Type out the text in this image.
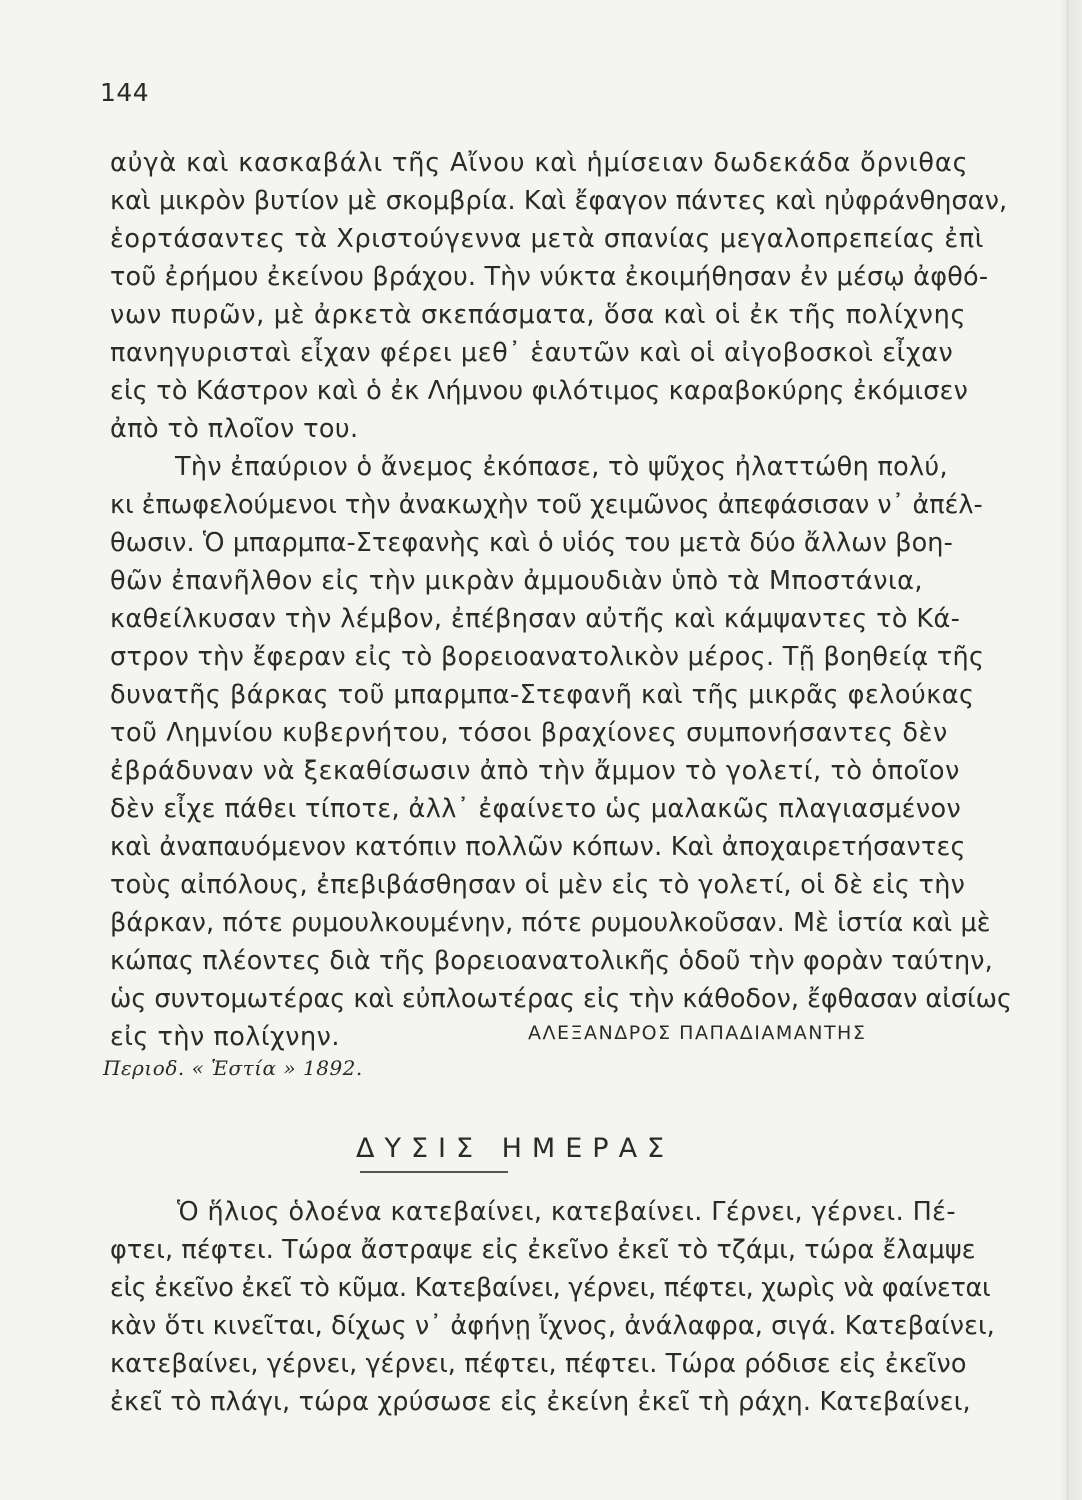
144
αὐγὰ καὶ κασκαβάλι τῆς Αἴνου καὶ ἡμίσειαν δωδεκάδα ὄρνιθας
καὶ μικρὸν βυτίον μὲ σκομβρία. Καὶ ἔφαγον πάντες καὶ ηὐφράνθησαν,
ἑορτάσαντες τὰ Χριστούγεννα μετὰ σπανίας μεγαλοπρεπείας ἐπὶ
τοῦ ἐρήμου ἐκείνου βράχου. Τὴν νύκτα ἐκοιμήθησαν ἐν μέσῳ ἀφθό-
νων πυρῶν, μὲ ἀρκετὰ σκεπάσματα, ὅσα καὶ οἱ ἐκ τῆς πολίχνης
πανηγυρισταὶ εἶχαν φέρει μεθ᾿ ἑαυτῶν καὶ οἱ αἰγοβοσκοὶ εἶχαν
εἰς τὸ Κάστρον καὶ ὁ ἐκ Λήμνου φιλότιμος καραβοκύρης ἐκόμισεν
ἀπὸ τὸ πλοῖον του.
Τὴν ἐπαύριον ὁ ἄνεμος ἐκόπασε, τὸ ψῦχος ἠλαττώθη πολύ,
κι ἐπωφελούμενοι τὴν ἀνακωχὴν τοῦ χειμῶνος ἀπεφάσισαν ν᾿ ἀπέλ-
θωσιν. Ὁ μπαρμπα-Στεφανὴς καὶ ὁ υἱός του μετὰ δύο ἄλλων βοη-
θῶν ἐπανῆλθον εἰς τὴν μικρὰν ἀμμουδιὰν ὑπὸ τὰ Μποστάνια,
καθείλκυσαν τὴν λέμβον, ἐπέβησαν αὐτῆς καὶ κάμψαντες τὸ Κά-
στρον τὴν ἔφεραν εἰς τὸ βορειοανατολικὸν μέρος. Τῇ βοηθείᾳ τῆς
δυνατῆς βάρκας τοῦ μπαρμπα-Στεφανῆ καὶ τῆς μικρᾶς φελούκας
τοῦ Λημνίου κυβερνήτου, τόσοι βραχίονες συμπονήσαντες δὲν
ἐβράδυναν νὰ ξεκαθίσωσιν ἀπὸ τὴν ἄμμον τὸ γολετί, τὸ ὁποῖον
δὲν εἶχε πάθει τίποτε, ἀλλ᾿ ἐφαίνετο ὡς μαλακῶς πλαγιασμένον
καὶ ἀναπαυόμενον κατόπιν πολλῶν κόπων. Καὶ ἀποχαιρετήσαντες
τοὺς αἰπόλους, ἐπεβιβάσθησαν οἱ μὲν εἰς τὸ γολετί, οἱ δὲ εἰς τὴν
βάρκαν, πότε ρυμουλκουμένην, πότε ρυμουλκοῦσαν. Μὲ ἱστία καὶ μὲ
κώπας πλέοντες διὰ τῆς βορειοανατολικῆς ὁδοῦ τὴν φορὰν ταύτην,
ὡς συντομωτέρας καὶ εὐπλοωτέρας εἰς τὴν κάθοδον, ἔφθασαν αἰσίως
εἰς τὴν πολίχνην.	ΑΛΕΞΑΝΔΡΟΣ ΠΑΠΑΔΙΑΜΑΝΤΗΣ
Περιοδ. « Ἑστία » 1892.
ΔΥΣΙΣ ΗΜΕΡΑΣ
Ὁ ἥλιος ὁλοένα κατεβαίνει, κατεβαίνει. Γέρνει, γέρνει. Πέ-
φτει, πέφτει. Τώρα ἄστραψε εἰς ἐκεῖνο ἐκεῖ τὸ τζάμι, τώρα ἔλαμψε
εἰς ἐκεῖνο ἐκεῖ τὸ κῦμα. Κατεβαίνει, γέρνει, πέφτει, χωρὶς νὰ φαίνεται
κὰν ὅτι κινεῖται, δίχως ν᾿ ἀφήνῃ ἴχνος, ἀνάλαφρα, σιγά. Κατεβαίνει,
κατεβαίνει, γέρνει, γέρνει, πέφτει, πέφτει. Τώρα ρόδισε εἰς ἐκεῖνο
ἐκεῖ τὸ πλάγι, τώρα χρύσωσε εἰς ἐκείνη ἐκεῖ τὴ ράχη. Κατεβαίνει,
